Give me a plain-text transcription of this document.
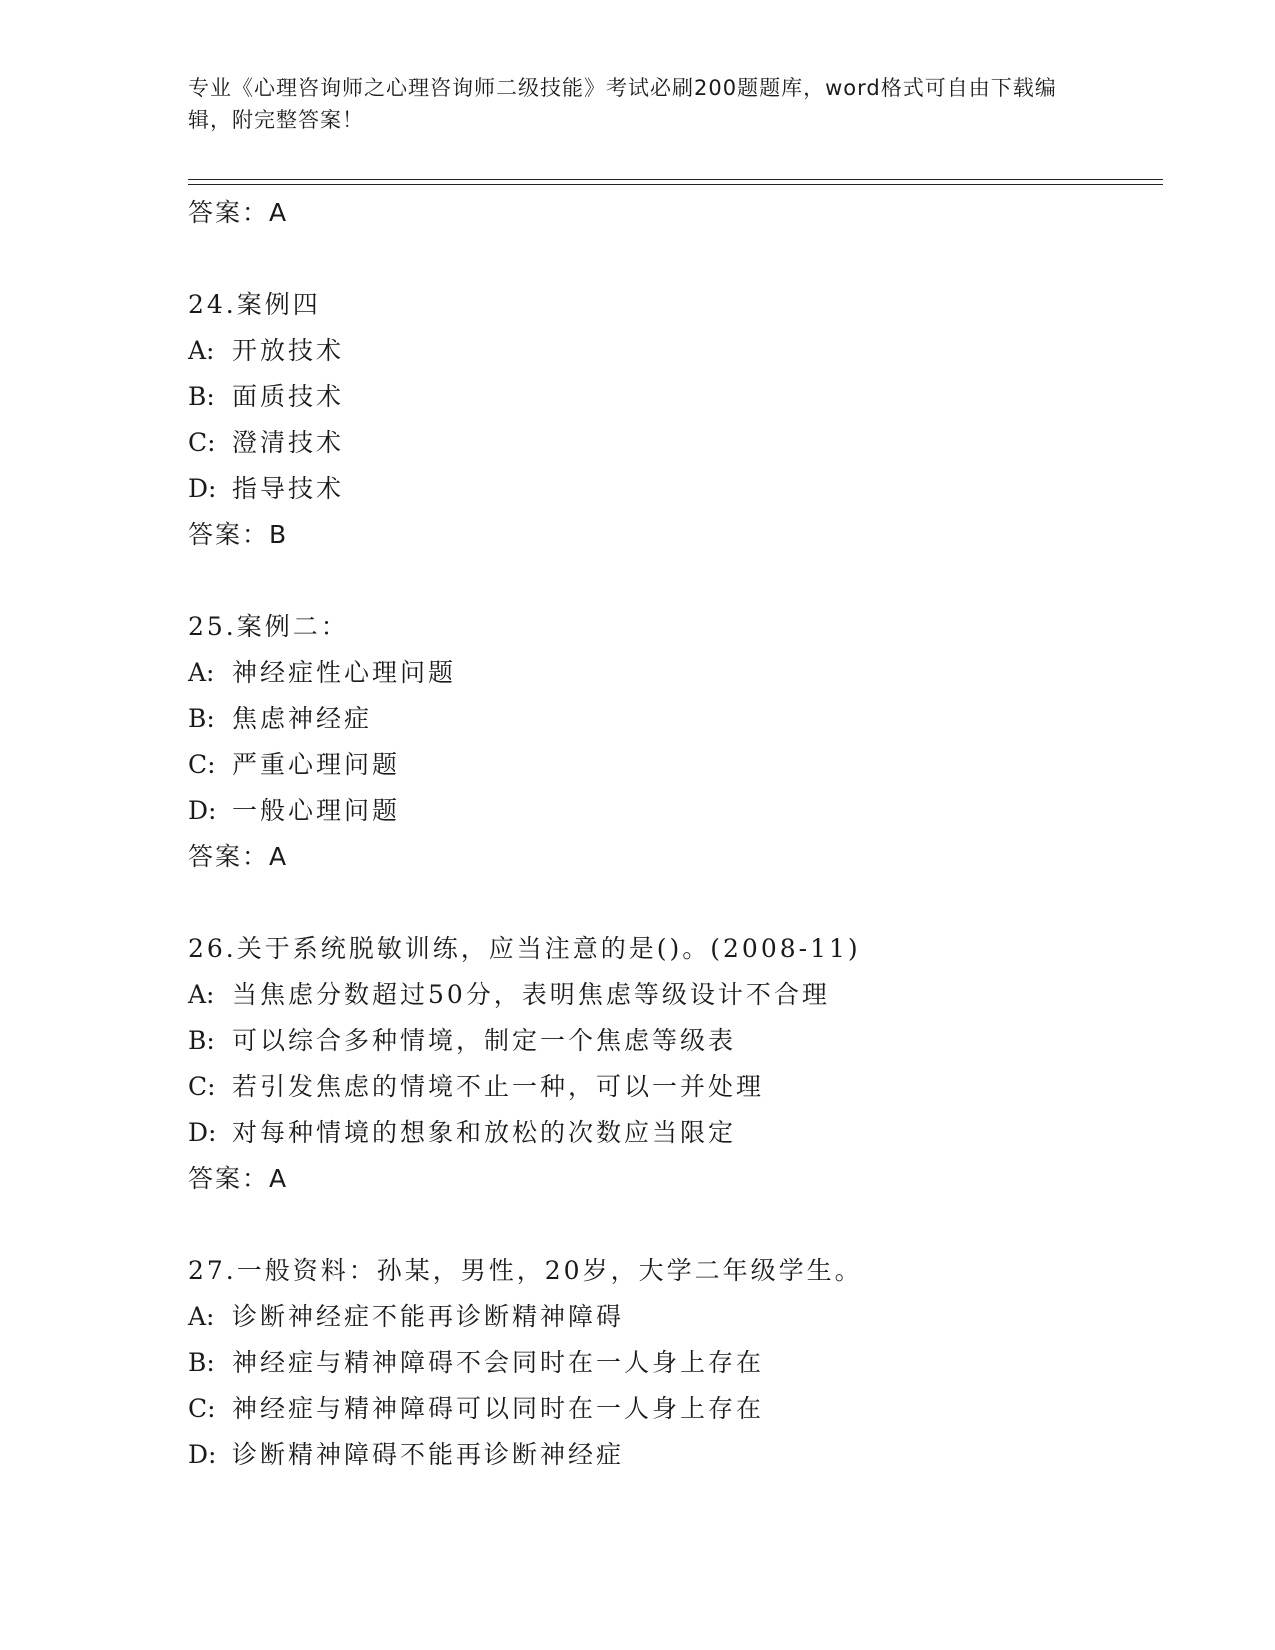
专业《心理咨询师之心理咨询师二级技能》考试必刷200题题库，word格式可自由下载编辑，附完整答案！
答案：A
24.案例四
A: 开放技术
B: 面质技术
C: 澄清技术
D: 指导技术
答案：B
25.案例二：
A: 神经症性心理问题
B: 焦虑神经症
C: 严重心理问题
D: 一般心理问题
答案：A
26.关于系统脱敏训练，应当注意的是()。(2008-11)
A: 当焦虑分数超过50分，表明焦虑等级设计不合理
B: 可以综合多种情境，制定一个焦虑等级表
C: 若引发焦虑的情境不止一种，可以一并处理
D: 对每种情境的想象和放松的次数应当限定
答案：A
27.一般资料：孙某，男性，20岁，大学二年级学生。
A: 诊断神经症不能再诊断精神障碍
B: 神经症与精神障碍不会同时在一人身上存在
C: 神经症与精神障碍可以同时在一人身上存在
D: 诊断精神障碍不能再诊断神经症
